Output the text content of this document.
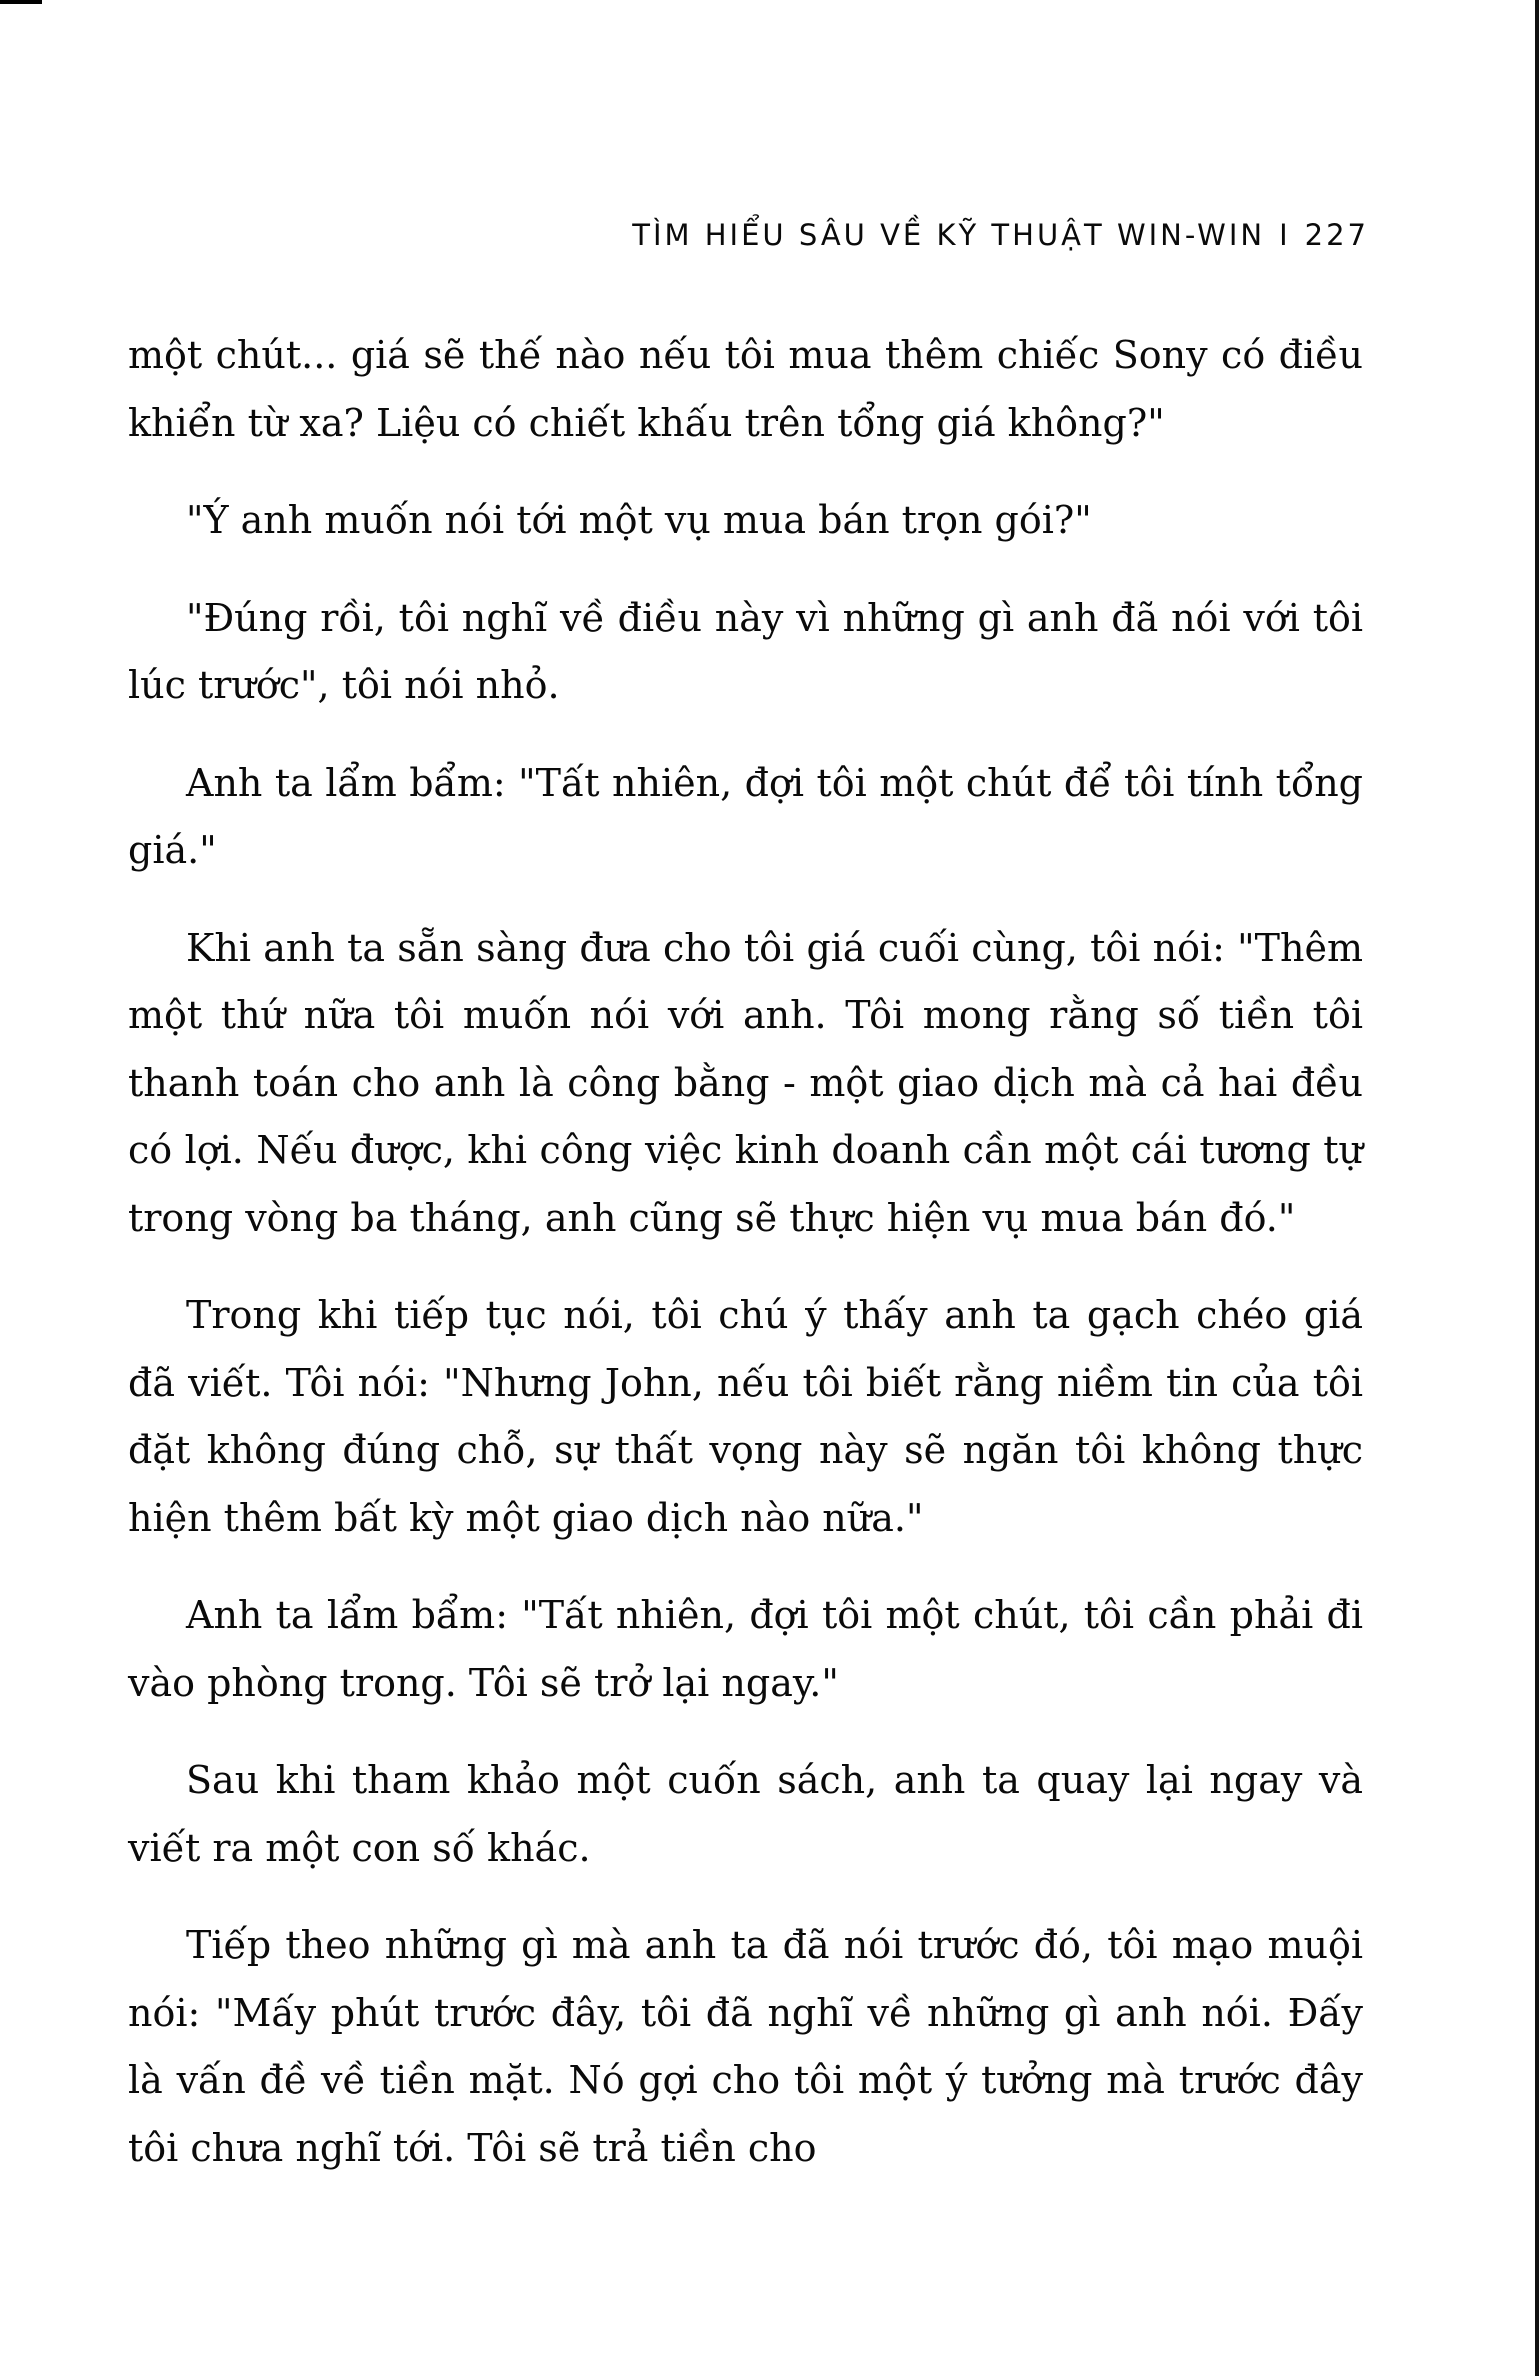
TÌM HIỂU SÂU VỀ KỸ THUẬT WIN-WIN I 227

một chút... giá sẽ thế nào nếu tôi mua thêm chiếc Sony có điều khiển từ xa? Liệu có chiết khấu trên tổng giá không?"

"Ý anh muốn nói tới một vụ mua bán trọn gói?"

"Đúng rồi, tôi nghĩ về điều này vì những gì anh đã nói với tôi lúc trước", tôi nói nhỏ.

Anh ta lẩm bẩm: "Tất nhiên, đợi tôi một chút để tôi tính tổng giá."

Khi anh ta sẵn sàng đưa cho tôi giá cuối cùng, tôi nói: "Thêm một thứ nữa tôi muốn nói với anh. Tôi mong rằng số tiền tôi thanh toán cho anh là công bằng - một giao dịch mà cả hai đều có lợi. Nếu được, khi công việc kinh doanh cần một cái tương tự trong vòng ba tháng, anh cũng sẽ thực hiện vụ mua bán đó."

Trong khi tiếp tục nói, tôi chú ý thấy anh ta gạch chéo giá đã viết. Tôi nói: "Nhưng John, nếu tôi biết rằng niềm tin của tôi đặt không đúng chỗ, sự thất vọng này sẽ ngăn tôi không thực hiện thêm bất kỳ một giao dịch nào nữa."

Anh ta lẩm bẩm: "Tất nhiên, đợi tôi một chút, tôi cần phải đi vào phòng trong. Tôi sẽ trở lại ngay."

Sau khi tham khảo một cuốn sách, anh ta quay lại ngay và viết ra một con số khác.

Tiếp theo những gì mà anh ta đã nói trước đó, tôi mạo muội nói: "Mấy phút trước đây, tôi đã nghĩ về những gì anh nói. Đấy là vấn đề về tiền mặt. Nó gợi cho tôi một ý tưởng mà trước đây tôi chưa nghĩ tới. Tôi sẽ trả tiền cho
